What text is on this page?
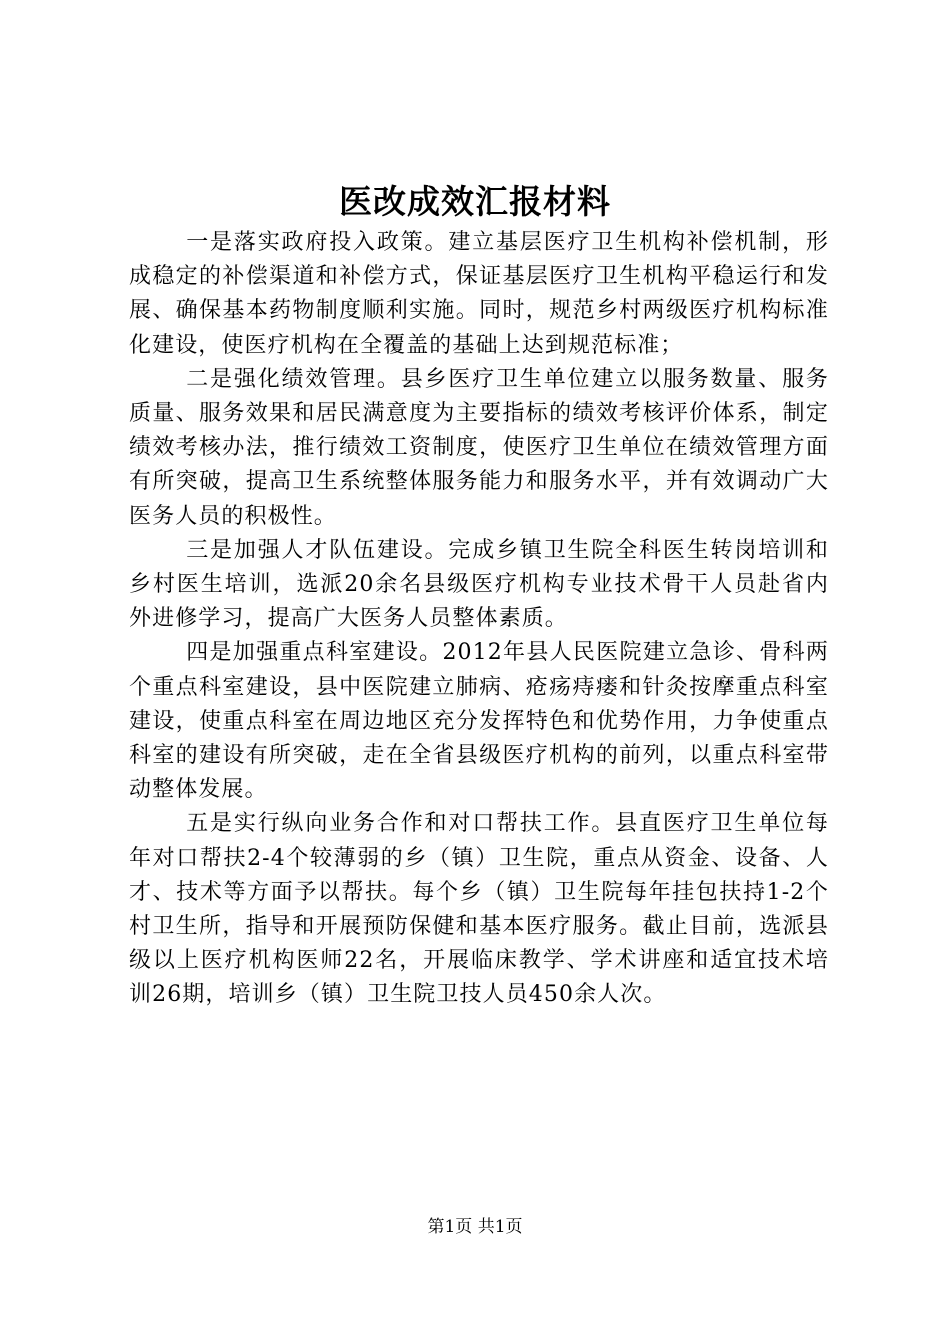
医改成效汇报材料

一是落实政府投入政策。建立基层医疗卫生机构补偿机制，形成稳定的补偿渠道和补偿方式，保证基层医疗卫生机构平稳运行和发展、确保基本药物制度顺利实施。同时，规范乡村两级医疗机构标准化建设，使医疗机构在全覆盖的基础上达到规范标准；

二是强化绩效管理。县乡医疗卫生单位建立以服务数量、服务质量、服务效果和居民满意度为主要指标的绩效考核评价体系，制定绩效考核办法，推行绩效工资制度，使医疗卫生单位在绩效管理方面有所突破，提高卫生系统整体服务能力和服务水平，并有效调动广大医务人员的积极性。

三是加强人才队伍建设。完成乡镇卫生院全科医生转岗培训和乡村医生培训，选派20余名县级医疗机构专业技术骨干人员赴省内外进修学习，提高广大医务人员整体素质。

四是加强重点科室建设。2012年县人民医院建立急诊、骨科两个重点科室建设，县中医院建立肺病、疮疡痔瘘和针灸按摩重点科室建设，使重点科室在周边地区充分发挥特色和优势作用，力争使重点科室的建设有所突破，走在全省县级医疗机构的前列，以重点科室带动整体发展。

五是实行纵向业务合作和对口帮扶工作。县直医疗卫生单位每年对口帮扶2-4个较薄弱的乡（镇）卫生院，重点从资金、设备、人才、技术等方面予以帮扶。每个乡（镇）卫生院每年挂包扶持1-2个村卫生所，指导和开展预防保健和基本医疗服务。截止目前，选派县级以上医疗机构医师22名，开展临床教学、学术讲座和适宜技术培训26期，培训乡（镇）卫生院卫技人员450余人次。

第1页 共1页
